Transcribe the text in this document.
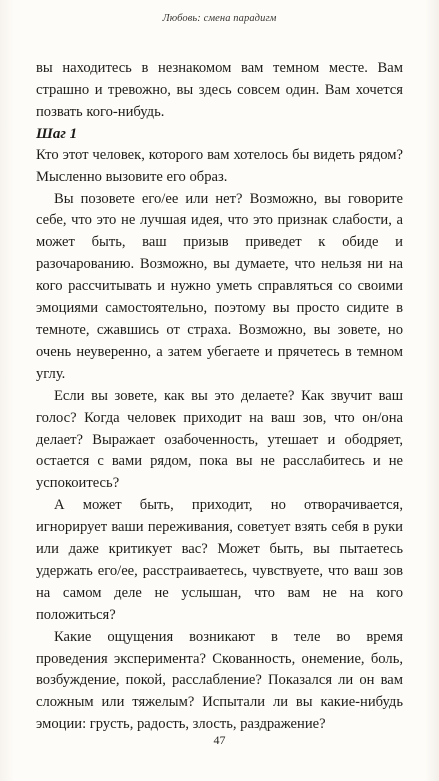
Любовь: смена парадигм

вы находитесь в незнакомом вам темном месте. Вам страшно и тревожно, вы здесь совсем один. Вам хочется позвать кого-нибудь.

Шаг 1

Кто этот человек, которого вам хотелось бы видеть рядом? Мысленно вызовите его образ.

Вы позовете его/ее или нет? Возможно, вы говорите себе, что это не лучшая идея, что это признак слабости, а может быть, ваш призыв приведет к обиде и разочарованию. Возможно, вы думаете, что нельзя ни на кого рассчитывать и нужно уметь справляться со своими эмоциями самостоятельно, поэтому вы просто сидите в темноте, сжавшись от страха. Возможно, вы зовете, но очень неуверенно, а затем убегаете и прячетесь в темном углу.

Если вы зовете, как вы это делаете? Как звучит ваш голос? Когда человек приходит на ваш зов, что он/она делает? Выражает озабоченность, утешает и ободряет, остается с вами рядом, пока вы не расслабитесь и не успокоитесь?

А может быть, приходит, но отворачивается, игнорирует ваши переживания, советует взять себя в руки или даже критикует вас? Может быть, вы пытаетесь удержать его/ее, расстраиваетесь, чувствуете, что ваш зов на самом деле не услышан, что вам не на кого положиться?

Какие ощущения возникают в теле во время проведения эксперимента? Скованность, онемение, боль, возбуждение, покой, расслабление? Показался ли он вам сложным или тяжелым? Испытали ли вы какие-нибудь эмоции: грусть, радость, злость, раздражение?

47
